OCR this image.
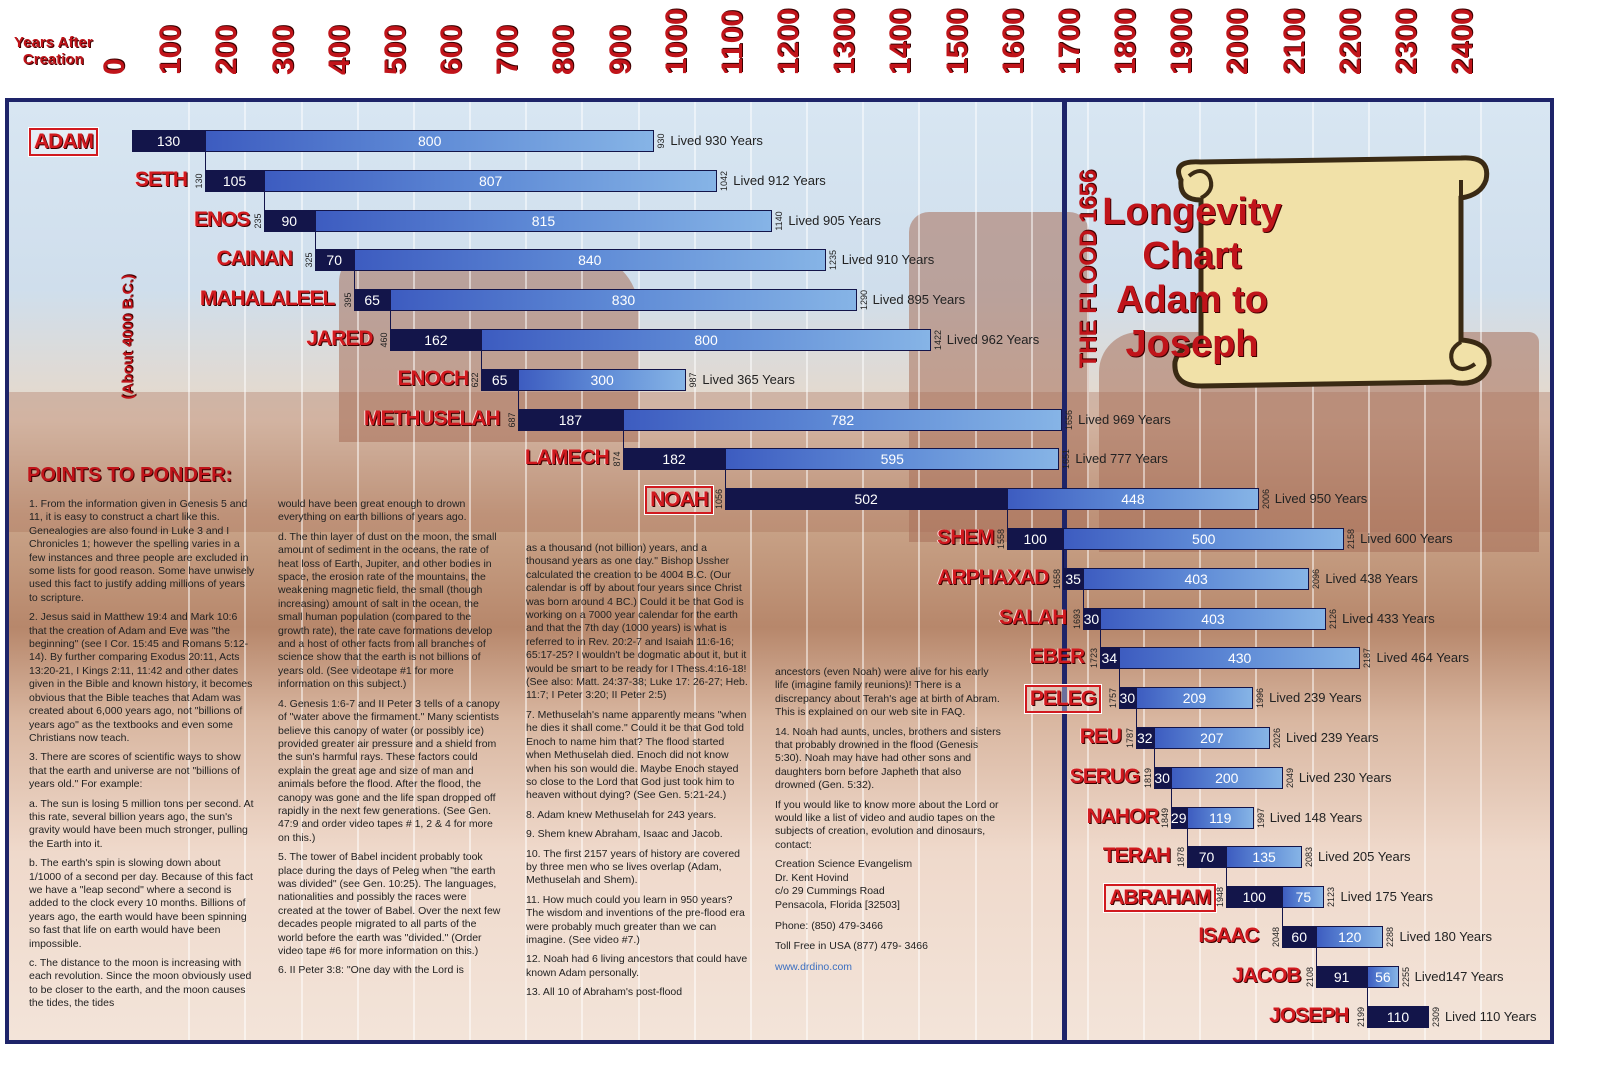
Years After
Creation 0 100 200 300 400 500 600 700 800 900 1000 1100 1200 1300 1400 1500 1600 1700 1800 1900 2000 2100 2200 2300 2400
THE FLOOD 1656
(About 4000 B.C.)
Longevity
Chart
Adam to
Joseph
ADAM	130	800	930 Lived 930 Years
SETH 130	105	807	1042 Lived 912 Years
ENOS 235	90	815	1140 Lived 905 Years
CAINAN 325 70	840	1235 Lived 910 Years
MAHALALEEL 395 65	830	1290 Lived 895 Years
JARED 460	162	800	1422 Lived 962 Years
ENOCH 622 65	300	987 Lived 365 Years
METHUSELAH 687	187	782	1656 Lived 969 Years
LAMECH 874	182	595	1651 Lived 777 Years
NOAH 1056	502	448	2006 Lived 950 Years
SHEM 1558	100	500	2158 Lived 600 Years
ARPHAXAD 1658 35	403	2096 Lived 438 Years
SALAH 1693 30	403	2126 Lived 433 Years
EBER 1723 34	430	2187 Lived 464 Years
PELEG	1757 30	209	1996 Lived 239 Years
REU 1787 32	207	2026 Lived 239 Years
SERUG 1819 30	200	2049 Lived 230 Years
NAHOR 1849 29	119	1997 Lived 148 Years
TERAH 1878 70	135	2083 Lived 205 Years
ABRAHAM 1948	100	75	2123 Lived 175 Years
ISAAC 2048 60	120	2288 Lived 180 Years
JACOB 2108	91	56	2255 Lived147 Years
JOSEPH 2199	110	2309 Lived 110 Years
POINTS TO PONDER:

1. From the information given in Genesis 5 and 11, it is easy to construct a chart like this. Genealogies are also found in Luke 3 and I Chronicles 1; however the spelling varies in a few instances and three people are excluded in some lists for good reason. Some have unwisely used this fact to justify adding millions of years to scripture.

2. Jesus said in Matthew 19:4 and Mark 10:6 that the creation of Adam and Eve was "the beginning" (see I Cor. 15:45 and Romans 5:12-14). By further comparing Exodus 20:11, Acts 13:20-21, I Kings 2:11, 11:42 and other dates given in the Bible and known history, it becomes obvious that the Bible teaches that Adam was created about 6,000 years ago, not "billions of years ago" as the textbooks and even some Christians now teach.

3. There are scores of scientific ways to show that the earth and universe are not "billions of years old." For example:

a. The sun is losing 5 million tons per second. At this rate, several billion years ago, the sun's gravity would have been much stronger, pulling the Earth into it.

b. The earth's spin is slowing down about 1/1000 of a second per day. Because of this fact we have a "leap second" where a second is added to the clock every 10 months. Billions of years ago, the earth would have been spinning so fast that life on earth would have been impossible.

c. The distance to the moon is increasing with each revolution. Since the moon obviously used to be closer to the earth, and the moon causes the tides, the tides

would have been great enough to drown everything on earth billions of years ago.

d. The thin layer of dust on the moon, the small amount of sediment in the oceans, the rate of heat loss of Earth, Jupiter, and other bodies in space, the erosion rate of the mountains, the weakening magnetic field, the small (though increasing) amount of salt in the ocean, the small human population (compared to the growth rate), the rate cave formations develop and a host of other facts from all branches of science show that the earth is not billions of years old. (See videotape #1 for more information on this subject.)

4. Genesis 1:6-7 and II Peter 3 tells of a canopy of "water above the firmament." Many scientists believe this canopy of water (or possibly ice) provided greater air pressure and a shield from the sun's harmful rays. These factors could explain the great age and size of man and animals before the flood. After the flood, the canopy was gone and the life span dropped off rapidly in the next few generations. (See Gen. 47:9 and order video tapes # 1, 2 & 4 for more on this.)

5. The tower of Babel incident probably took place during the days of Peleg when "the earth was divided" (see Gen. 10:25). The languages, nationalities and possibly the races were created at the tower of Babel. Over the next few decades people migrated to all parts of the world before the earth was "divided." (Order video tape #6 for more information on this.)

6. II Peter 3:8: "One day with the Lord is

as a thousand (not billion) years, and a thousand years as one day." Bishop Ussher calculated the creation to be 4004 B.C. (Our calendar is off by about four years since Christ was born around 4 BC.) Could it be that God is working on a 7000 year calendar for the earth and that the 7th day (1000 years) is what is referred to in Rev. 20:2-7 and Isaiah 11:6-16; 65:17-25? I wouldn't be dogmatic about it, but it would be smart to be ready for I Thess.4:16-18! (See also: Matt. 24:37-38; Luke 17: 26-27; Heb. 11:7; I Peter 3:20; II Peter 2:5)

7. Methuselah's name apparently means "when he dies it shall come." Could it be that God told Enoch to name him that? The flood started when Methuselah died. Enoch did not know when his son would die. Maybe Enoch stayed so close to the Lord that God just took him to heaven without dying? (See Gen. 5:21-24.)

8. Adam knew Methuselah for 243 years.

9. Shem knew Abraham, Isaac and Jacob.

10. The first 2157 years of history are covered by three men who se lives overlap (Adam, Methuselah and Shem).

11. How much could you learn in 950 years? The wisdom and inventions of the pre-flood era were probably much greater than we can imagine. (See video #7.)

12. Noah had 6 living ancestors that could have known Adam personally.

13. All 10 of Abraham's post-flood

ancestors (even Noah) were alive for his early life (imagine family reunions)! There is a discrepancy about Terah's age at birth of Abram. This is explained on our web site in FAQ.

14. Noah had aunts, uncles, brothers and sisters that probably drowned in the flood (Genesis 5:30). Noah may have had other sons and daughters born before Japheth that also drowned (Gen. 5:32).

If you would like to know more about the Lord or would like a list of video and audio tapes on the subjects of creation, evolution and dinosaurs, contact:

Creation Science Evangelism
Dr. Kent Hovind
c/o 29 Cummings Road
Pensacola, Florida [32503]
Phone: (850) 479-3466
Toll Free in USA (877) 479- 3466
www.drdino.com
